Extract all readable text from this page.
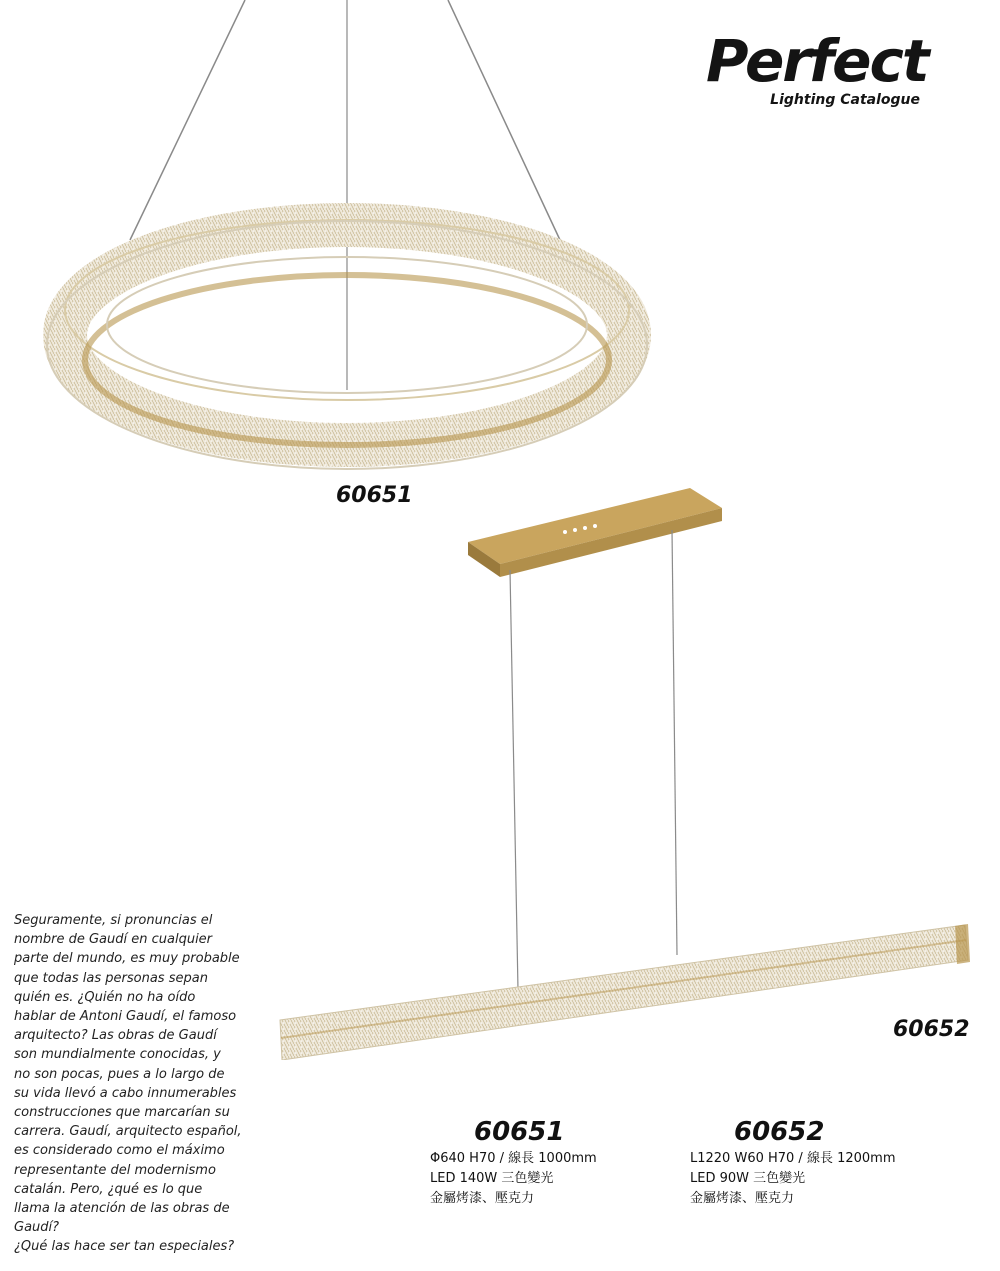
Perfect
Lighting Catalogue
60651
60652
Seguramente, si pronuncias el
nombre de Gaudí en cualquier
parte del mundo, es muy probable
que todas las personas sepan
quién es. ¿Quién no ha oído
hablar de Antoni Gaudí, el famoso
arquitecto? Las obras de Gaudí
son mundialmente conocidas, y
no son pocas, pues a lo largo de
su vida llevó a cabo innumerables
construcciones que marcarían su
carrera. Gaudí, arquitecto español,
es considerado como el máximo
representante del modernismo
catalán. Pero, ¿qué es lo que
llama la atención de las obras de
Gaudí?
¿Qué las hace ser tan especiales?
60651
Φ640 H70 / 線長 1000mm
LED 140W 三色變光
金屬烤漆、壓克力
60652
L1220 W60 H70 / 線長 1200mm
LED 90W 三色變光
金屬烤漆、壓克力
